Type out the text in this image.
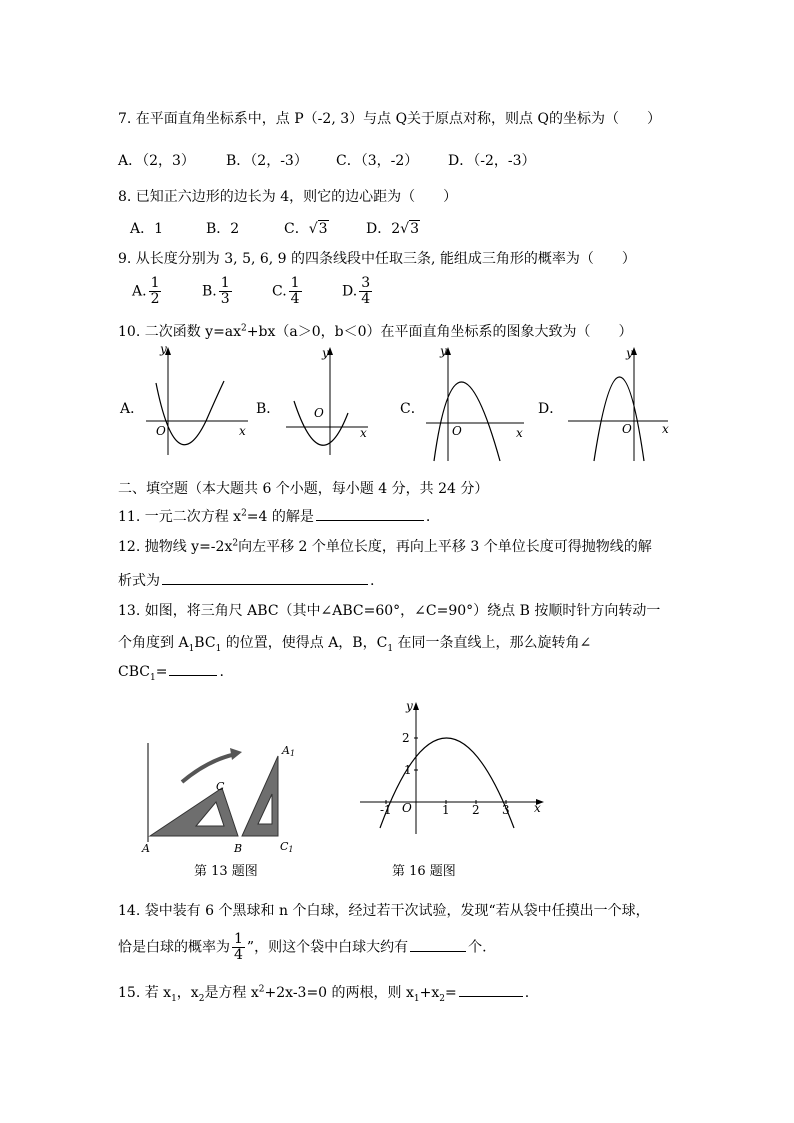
7. 在平面直角坐标系中，点 P（-2, 3）与点 Q关于原点对称，则点 Q的坐标为（　　）
A．（2，3） B．（2，-3） C．（3，-2） D．（-2，-3）
8. 已知正六边形的边长为 4，则它的边心距为（　　）
A．1	B．2	C．√3	D．2√3
9. 从长度分别为 3, 5, 6, 9 的四条线段中任取三条, 能组成三角形的概率为（　　）
A. $\frac{1}{2}$	B. $\frac{1}{3}$	C. $\frac{1}{4}$	D. $\frac{3}{4}$
10. 二次函数 $y=ax^2+bx(a>0$，b＜0）在平面直角坐标系的图象大致为（　　）
A．
y
x
O
B．
y
x
O	C．
y
x
O
D．
y
x
O
二、填空题（本大题共 6 个小题，每小题 4 分，共 24 分）
11. 一元二次方程 $x^2=4$ 的解是	.
12. 抛物线 $y=-2x^2$向左平移 2 个单位长度，再向上平移 3 个单位长度可得抛物线的解
析式为	.
13. 如图，将三角尺 ABC（其中∠ABC=60°，∠C=90°）绕点 B 按顺时针方向转动一
个角度到 $A_1BC_1$ 的位置，使得点 A，B，$C_1$ 在同一条直线上，那么旋转角∠
$CBC_1=$	.
A	B
C
A1
C1
第 13 题图
y
x
O
-1	1 2 3
1
2
第 16 题图
14. 袋中装有 6 个黑球和 n 个白球，经过若干次试验，发现“若从袋中任摸出一个球，
恰是白球的概率为 $\frac{1}{4}$ ”，则这个袋中白球大约有	个.
15. 若 $x_1$，$x_2$是方程 $x^2+2x-3=0$ 的两根，则 $x_1+x_2=$	.
